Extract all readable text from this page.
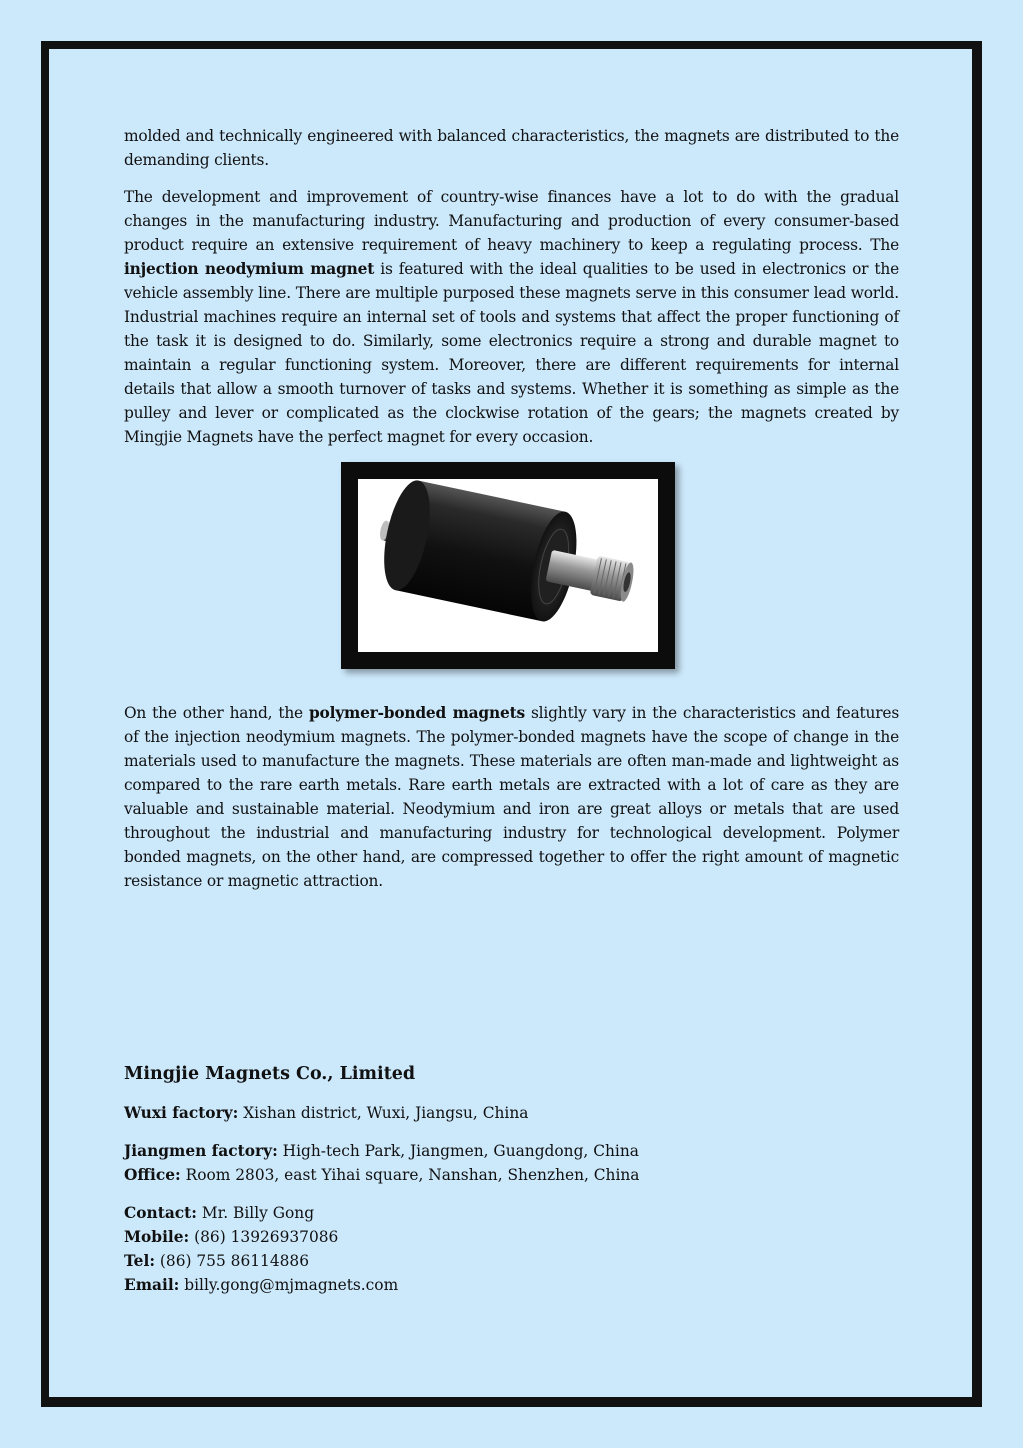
molded and technically engineered with balanced characteristics, the magnets are distributed to the demanding clients.

The development and improvement of country-wise finances have a lot to do with the gradual changes in the manufacturing industry. Manufacturing and production of every consumer-based product require an extensive requirement of heavy machinery to keep a regulating process. The injection neodymium magnet is featured with the ideal qualities to be used in electronics or the vehicle assembly line. There are multiple purposed these magnets serve in this consumer lead world. Industrial machines require an internal set of tools and systems that affect the proper functioning of the task it is designed to do. Similarly, some electronics require a strong and durable magnet to maintain a regular functioning system. Moreover, there are different requirements for internal details that allow a smooth turnover of tasks and systems. Whether it is something as simple as the pulley and lever or complicated as the clockwise rotation of the gears; the magnets created by Mingjie Magnets have the perfect magnet for every occasion.

On the other hand, the polymer-bonded magnets slightly vary in the characteristics and features of the injection neodymium magnets. The polymer-bonded magnets have the scope of change in the materials used to manufacture the magnets. These materials are often man-made and lightweight as compared to the rare earth metals. Rare earth metals are extracted with a lot of care as they are valuable and sustainable material. Neodymium and iron are great alloys or metals that are used throughout the industrial and manufacturing industry for technological development. Polymer bonded magnets, on the other hand, are compressed together to offer the right amount of magnetic resistance or magnetic attraction.

Mingjie Magnets Co., Limited

Wuxi factory: Xishan district, Wuxi, Jiangsu, China

Jiangmen factory: High-tech Park, Jiangmen, Guangdong, China
Office: Room 2803, east Yihai square, Nanshan, Shenzhen, China
Contact: Mr. Billy Gong
Mobile: (86) 13926937086
Tel: (86) 755 86114886
Email: billy.gong@mjmagnets.com
